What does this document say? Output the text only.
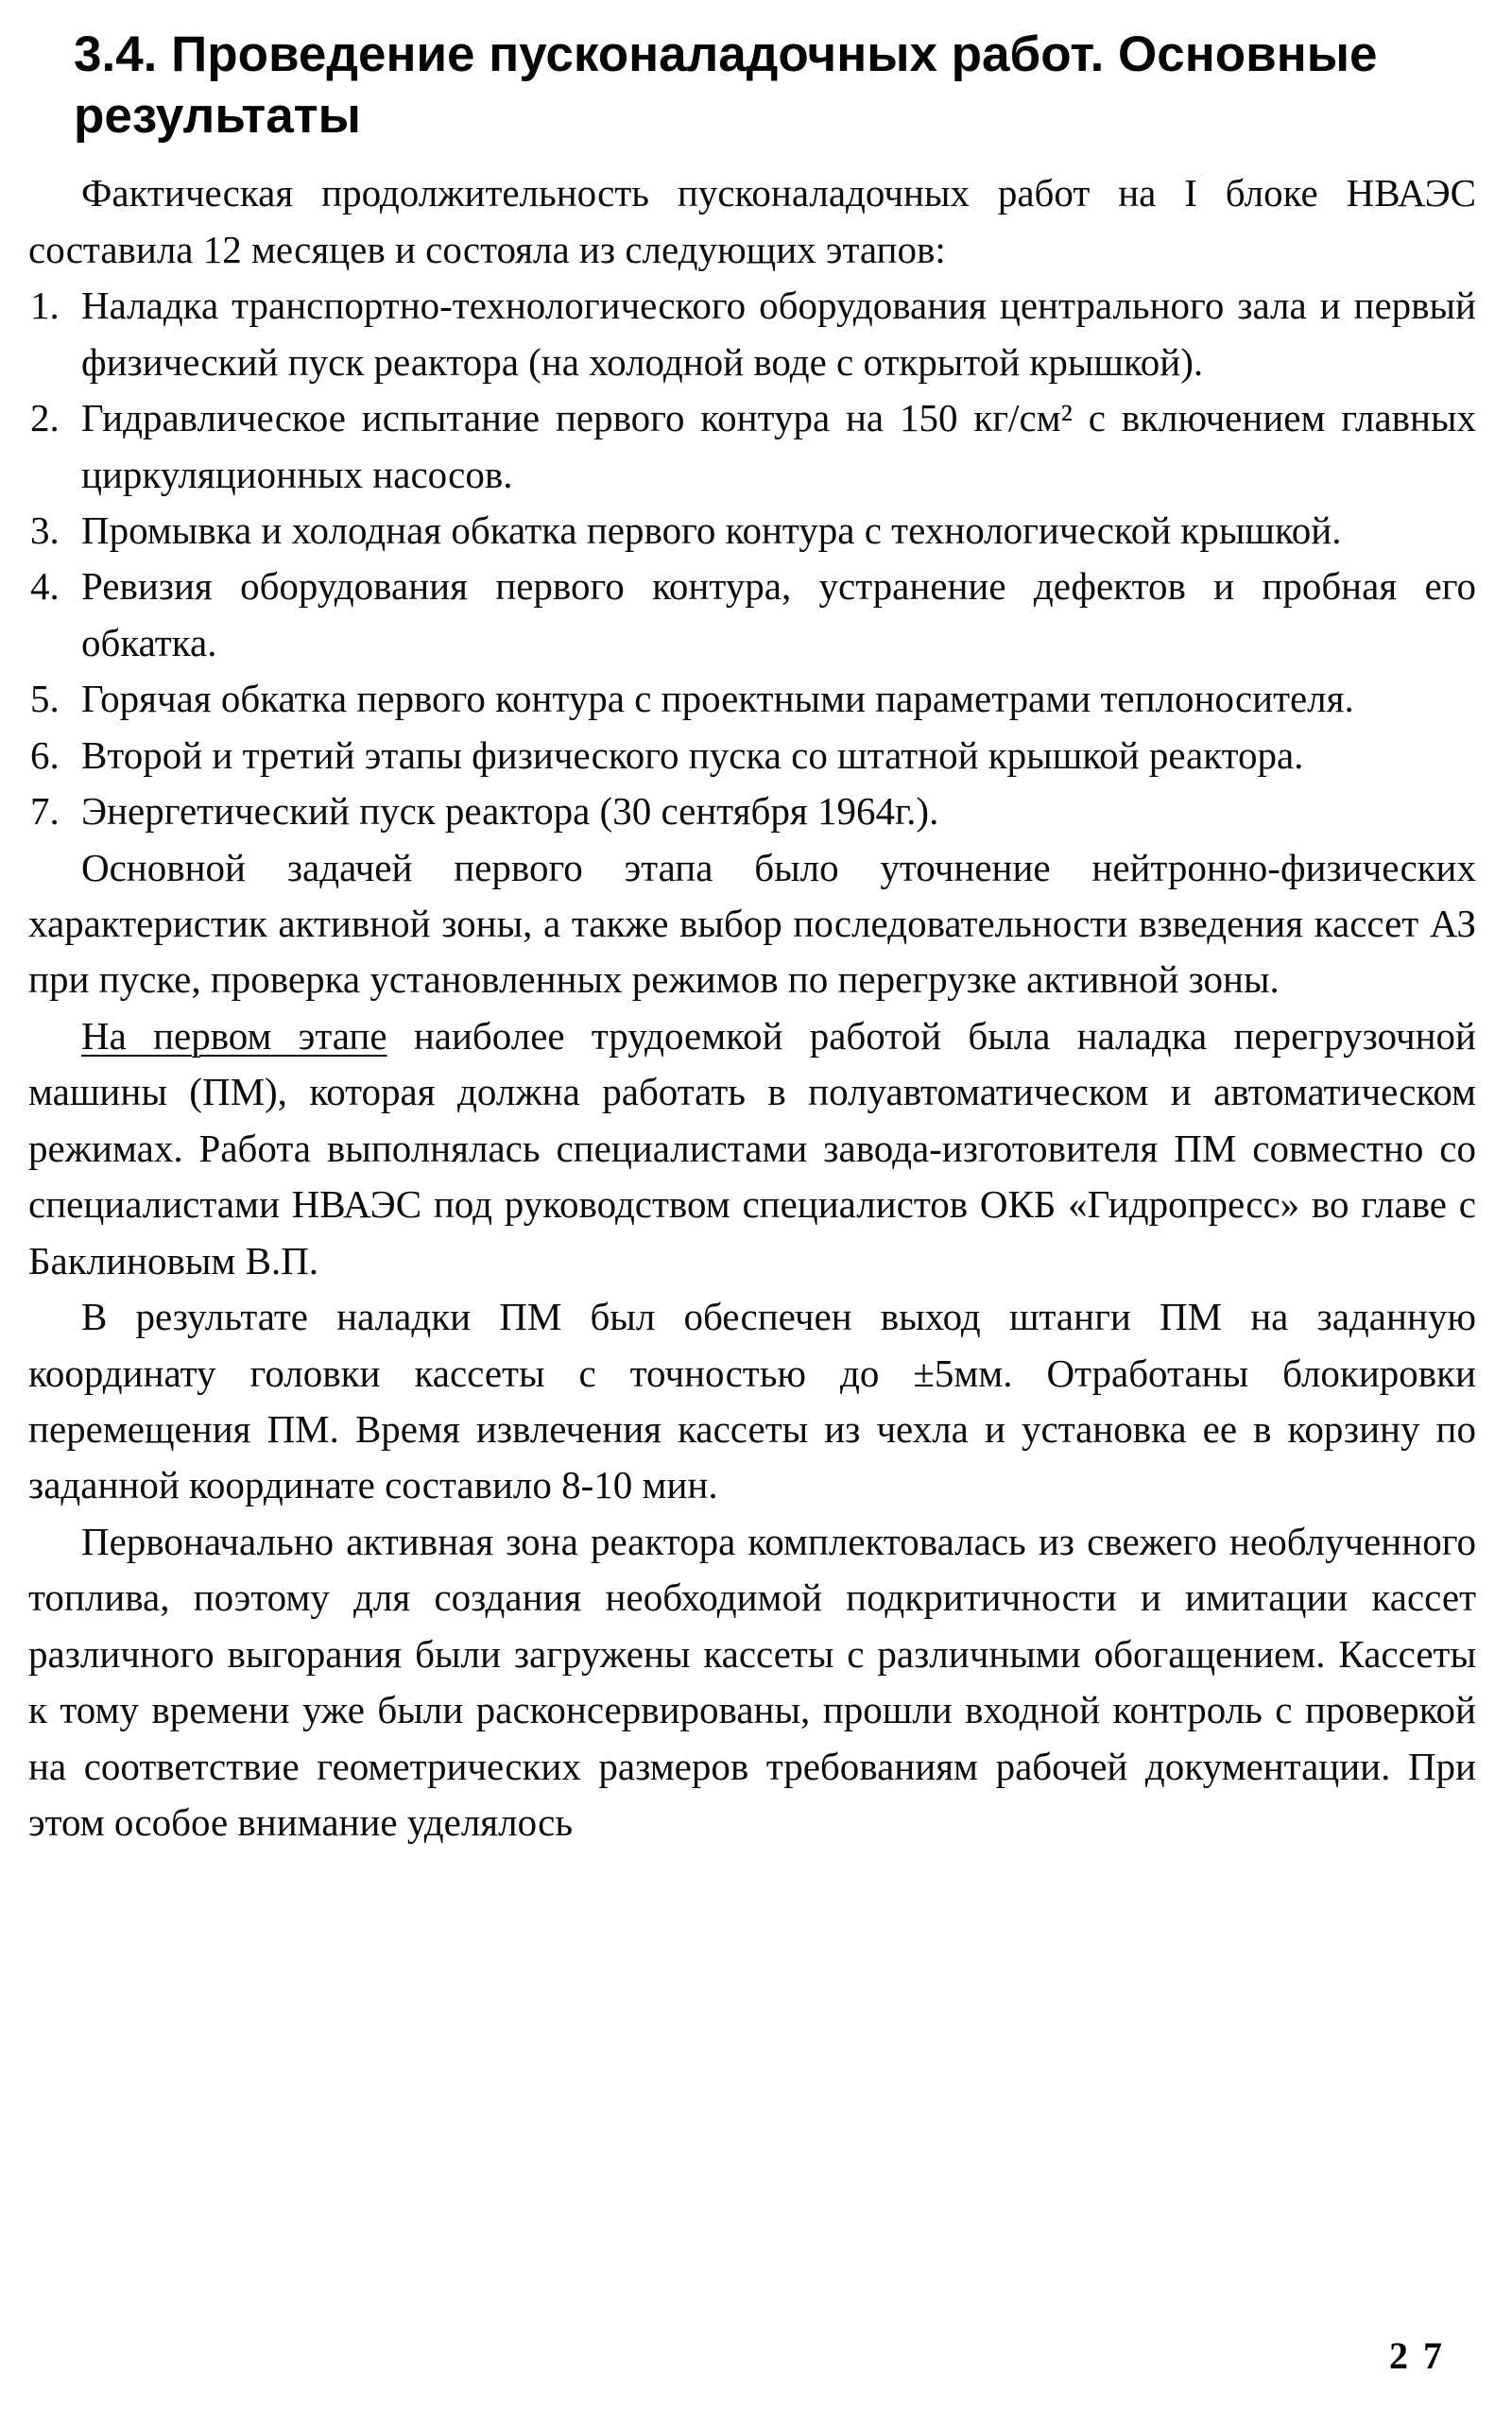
3.4. Проведение пусконаладочных работ. Основные результаты

Фактическая продолжительность пусконаладочных работ на I блоке НВАЭС составила 12 месяцев и состояла из следующих этапов:

1. Наладка транспортно-технологического оборудования центрального зала и первый физический пуск реактора (на холодной воде с открытой крышкой).
2. Гидравлическое испытание первого контура на 150 кг/см² с включением главных циркуляционных насосов.
3. Промывка и холодная обкатка первого контура с технологической крышкой.
4. Ревизия оборудования первого контура, устранение дефектов и пробная его обкатка.
5. Горячая обкатка первого контура с проектными параметрами теплоносителя.
6. Второй и третий этапы физического пуска со штатной крышкой реактора.
7. Энергетический пуск реактора (30 сентября 1964г.).

Основной задачей первого этапа было уточнение нейтронно-физических характеристик активной зоны, а также выбор последовательности взведения кассет АЗ при пуске, проверка установленных режимов по перегрузке активной зоны.

На первом этапе наиболее трудоемкой работой была наладка перегрузочной машины (ПМ), которая должна работать в полуавтоматическом и автоматическом режимах. Работа выполнялась специалистами завода-изготовителя ПМ совместно со специалистами НВАЭС под руководством специалистов ОКБ «Гидропресс» во главе с Баклиновым В.П.

В результате наладки ПМ был обеспечен выход штанги ПМ на заданную координату головки кассеты с точностью до ±5мм. Отработаны блокировки перемещения ПМ. Время извлечения кассеты из чехла и установка ее в корзину по заданной координате составило 8-10 мин.

Первоначально активная зона реактора комплектовалась из свежего необлученного топлива, поэтому для создания необходимой подкритичности и имитации кассет различного выгорания были загружены кассеты с различными обогащением. Кассеты к тому времени уже были расконсервированы, прошли входной контроль с проверкой на соответствие геометрических размеров требованиям рабочей документации. При этом особое внимание уделялось

27
